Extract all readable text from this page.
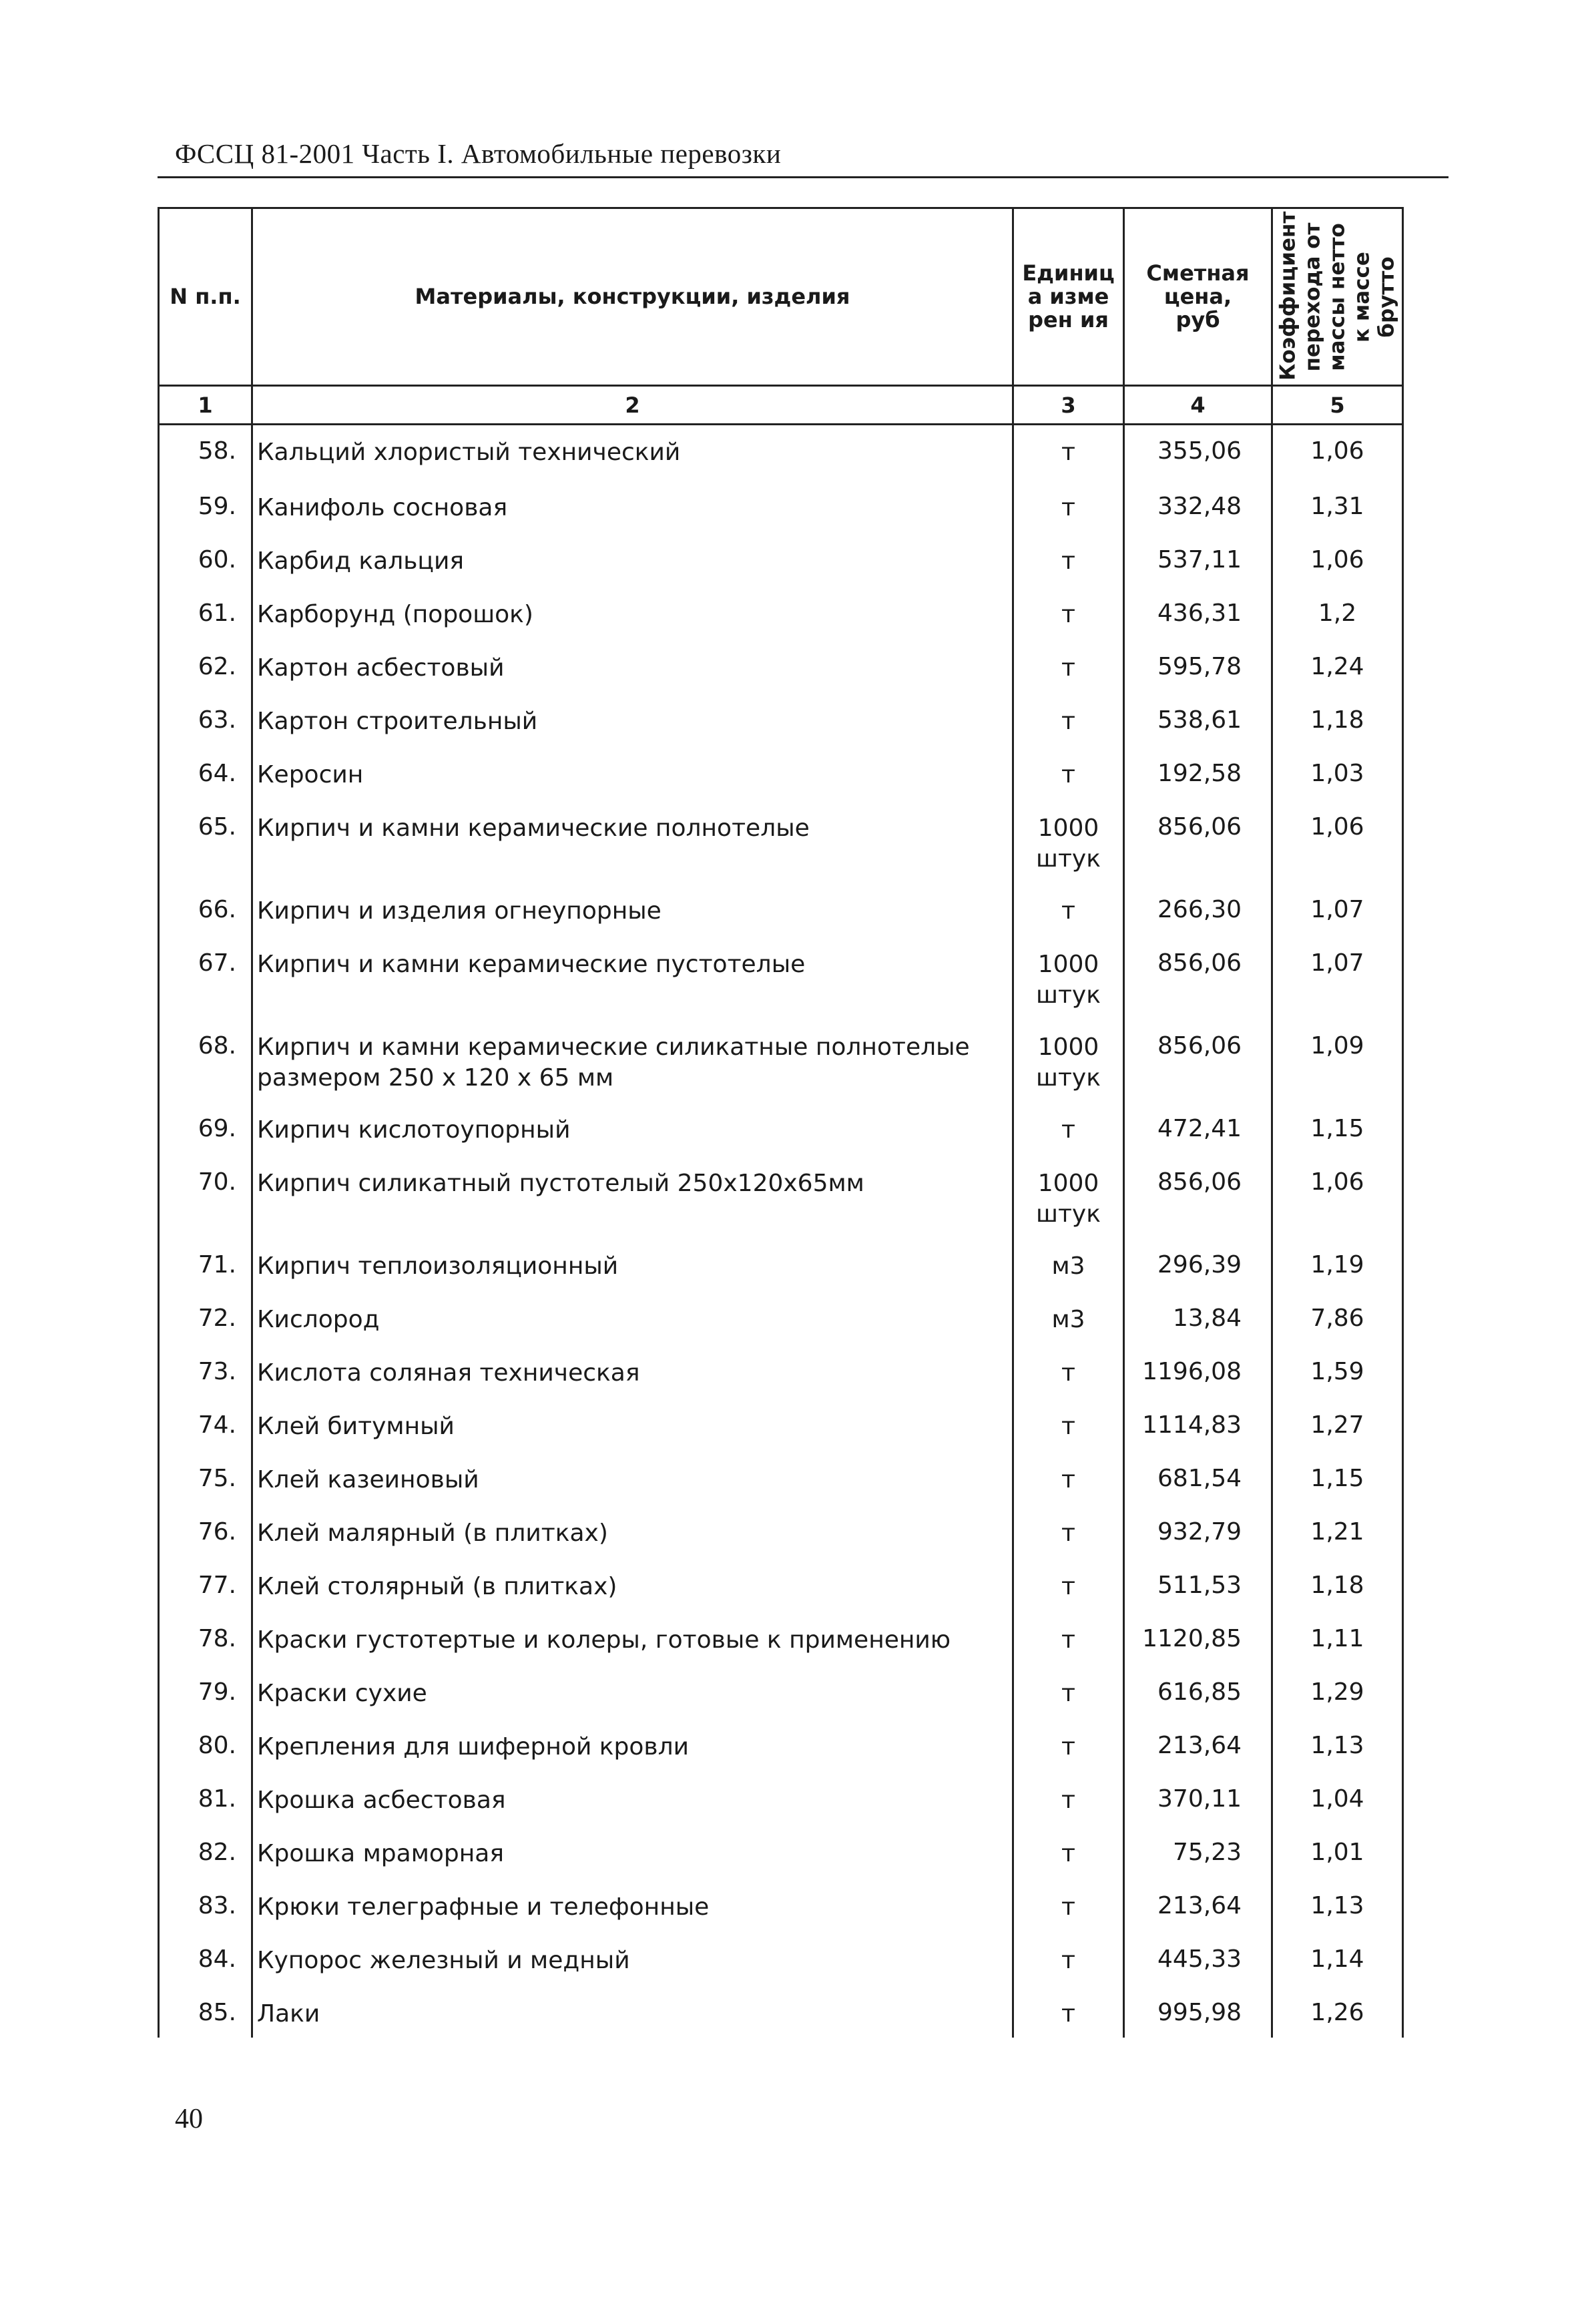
ФССЦ 81-2001 Часть I. Автомобильные перевозки
N п.п.	Материалы, конструкции, изделия	Единица измерен ия	Сметная цена, руб	Коэффициент перехода от массы нетто к массе брутто

1	2	3	4	5
58.	Кальций хлористый технический	т	355,06	1,06
59.	Канифоль сосновая	т	332,48	1,31
60.	Карбид кальция	т	537,11	1,06
61.	Карборунд (порошок)	т	436,31	1,2
62.	Картон асбестовый	т	595,78	1,24
63.	Картон строительный	т	538,61	1,18
64.	Керосин	т	192,58	1,03
65.	Кирпич и камни керамические полнотелые	1000 штук	856,06	1,06
66.	Кирпич и изделия огнеупорные	т	266,30	1,07
67.	Кирпич и камни керамические пустотелые	1000 штук	856,06	1,07
68.	Кирпич и камни керамические силикатные полнотелые размером 250 х 120 х 65 мм	1000 штук	856,06	1,09
69.	Кирпич кислотоупорный	т	472,41	1,15
70.	Кирпич силикатный пустотелый 250х120х65мм	1000 штук	856,06	1,06
71.	Кирпич теплоизоляционный	м3	296,39	1,19
72.	Кислород	м3	13,84	7,86
73.	Кислота соляная техническая	т	1196,08	1,59
74.	Клей битумный	т	1114,83	1,27
75.	Клей казеиновый	т	681,54	1,15
76.	Клей малярный (в плитках)	т	932,79	1,21
77.	Клей столярный (в плитках)	т	511,53	1,18
78.	Краски густотертые и колеры, готовые к применению	т	1120,85	1,11
79.	Краски сухие	т	616,85	1,29
80.	Крепления для шиферной кровли	т	213,64	1,13
81.	Крошка асбестовая	т	370,11	1,04
82.	Крошка мраморная	т	75,23	1,01
83.	Крюки телеграфные и телефонные	т	213,64	1,13
84.	Купорос железный и медный	т	445,33	1,14
85.	Лаки	т	995,98	1,26
40
